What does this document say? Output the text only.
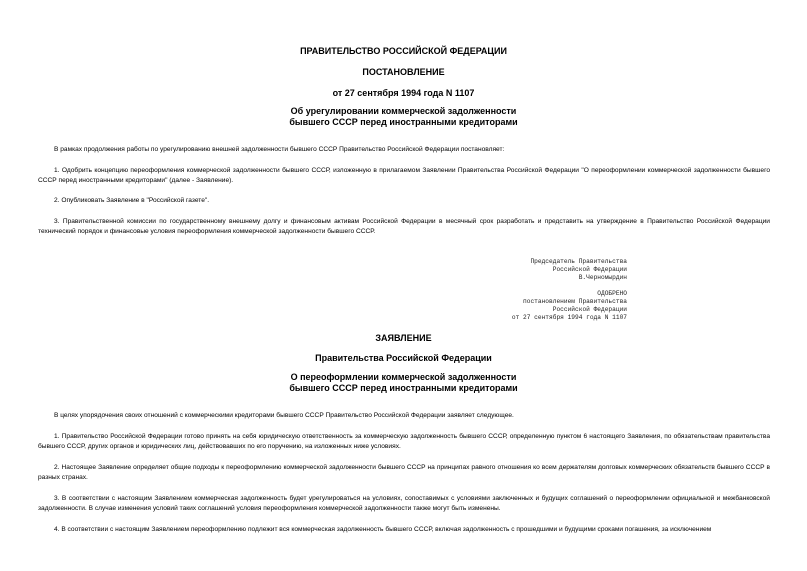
ПРАВИТЕЛЬСТВО РОССИЙСКОЙ ФЕДЕРАЦИИ
ПОСТАНОВЛЕНИЕ
от 27 сентября 1994 года N 1107
Об урегулировании коммерческой задолженности
бывшего СССР перед иностранными кредиторами
В рамках продолжения работы по урегулированию внешней задолженности бывшего СССР Правительство Российской Федерации постановляет:
1. Одобрить концепцию переоформления коммерческой задолженности бывшего СССР, изложенную в прилагаемом Заявлении Правительства Российской Федерации "О переоформлении коммерческой задолженности бывшего СССР перед иностранными кредиторами" (далее - Заявление).
2. Опубликовать Заявление в "Российской газете".
3. Правительственной комиссии по государственному внешнему долгу и финансовым активам Российской Федерации в месячный срок разработать и представить на утверждение в Правительство Российской Федерации технический порядок и финансовые условия переоформления коммерческой задолженности бывшего СССР.
Председатель Правительства
Российской Федерации
В.Черномырдин
ОДОБРЕНО
постановлением Правительства
Российской Федерации
от 27 сентября 1994 года N 1107
ЗАЯВЛЕНИЕ
Правительства Российской Федерации
О переоформлении коммерческой задолженности
бывшего СССР перед иностранными кредиторами
В целях упорядочения своих отношений с коммерческими кредиторами бывшего СССР Правительство Российской Федерации заявляет следующее.
1. Правительство Российской Федерации готово принять на себя юридическую ответственность за коммерческую задолженность бывшего СССР, определенную пунктом 6 настоящего Заявления, по обязательствам правительства бывшего СССР, других органов и юридических лиц, действовавших по его поручению, на изложенных ниже условиях.
2. Настоящее Заявление определяет общие подходы к переоформлению коммерческой задолженности бывшего СССР на принципах равного отношения ко всем держателям долговых коммерческих обязательств бывшего СССР в разных странах.
3. В соответствии с настоящим Заявлением коммерческая задолженность будет урегулироваться на условиях, сопоставимых с условиями заключенных и будущих соглашений о переоформлении официальной и межбанковской задолженности. В случае изменения условий таких соглашений условия переоформления коммерческой задолженности также могут быть изменены.
4. В соответствии с настоящим Заявлением переоформлению подлежит вся коммерческая задолженность бывшего СССР, включая задолженность с прошедшими и будущими сроками погашения, за исключением
